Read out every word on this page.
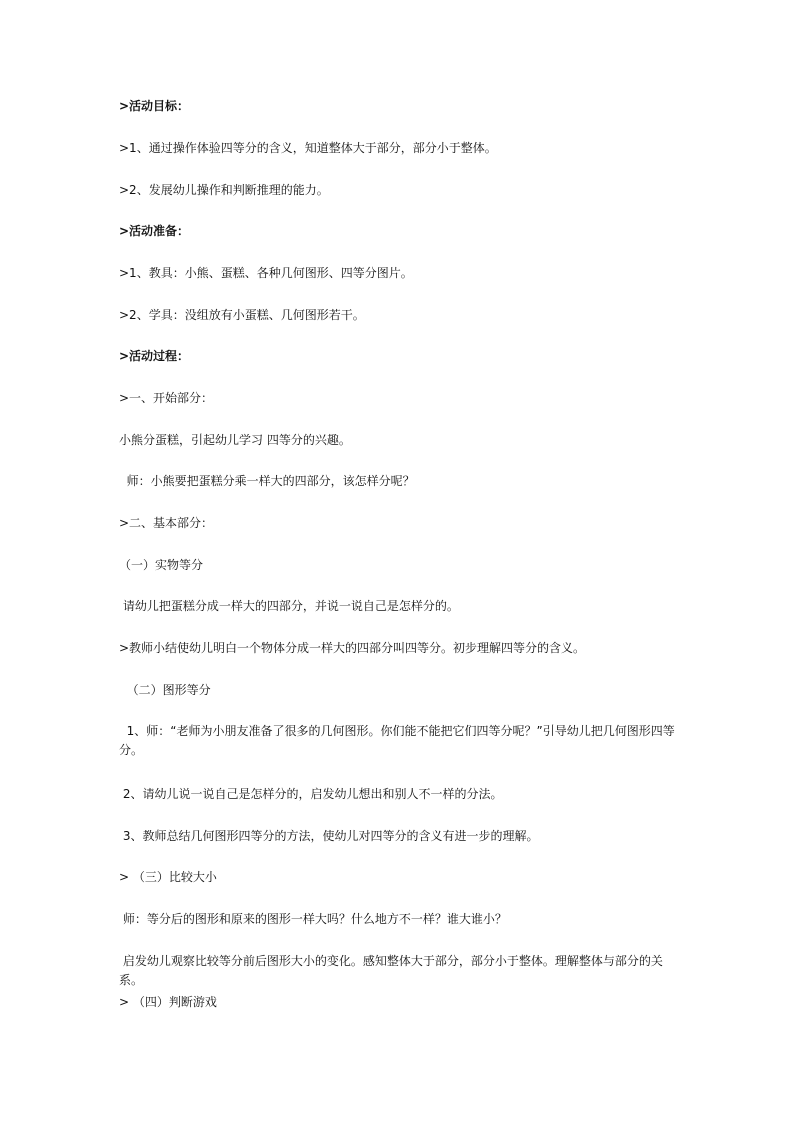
>活动目标：
>1、通过操作体验四等分的含义，知道整体大于部分，部分小于整体。
>2、发展幼儿操作和判断推理的能力。
>活动准备：
>1、教具：小熊、蛋糕、各种几何图形、四等分图片。
>2、学具：没组放有小蛋糕、几何图形若干。
>活动过程：
>一、开始部分：
小熊分蛋糕，引起幼儿学习 四等分的兴趣。
师：小熊要把蛋糕分乘一样大的四部分，该怎样分呢？
>二、基本部分：
（一）实物等分
请幼儿把蛋糕分成一样大的四部分，并说一说自己是怎样分的。
>教师小结使幼儿明白一个物体分成一样大的四部分叫四等分。初步理解四等分的含义。
（二）图形等分
1、师：“老师为小朋友准备了很多的几何图形。你们能不能把它们四等分呢？”引导幼儿把几何图形四等分。
2、请幼儿说一说自己是怎样分的，启发幼儿想出和别人不一样的分法。
3、教师总结几何图形四等分的方法，使幼儿对四等分的含义有进一步的理解。
> （三）比较大小
师：等分后的图形和原来的图形一样大吗？什么地方不一样？谁大谁小？
启发幼儿观察比较等分前后图形大小的变化。感知整体大于部分，部分小于整体。理解整体与部分的关系。
> （四）判断游戏
